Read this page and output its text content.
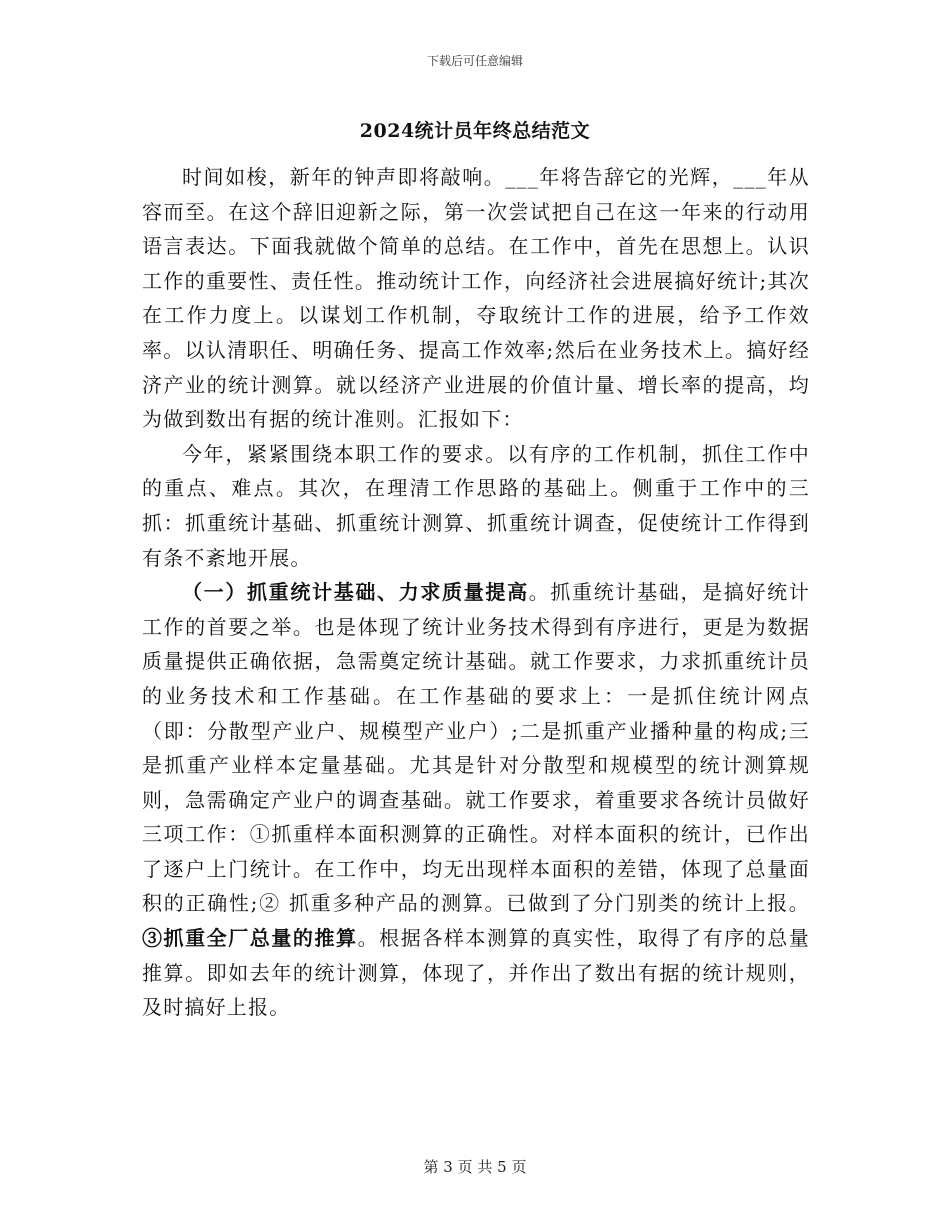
下载后可任意编辑
2024统计员年终总结范文

时间如梭，新年的钟声即将敲响。___年将告辞它的光辉，___年从容而至。在这个辞旧迎新之际，第一次尝试把自己在这一年来的行动用语言表达。下面我就做个简单的总结。在工作中，首先在思想上。认识工作的重要性、责任性。推动统计工作，向经济社会进展搞好统计;其次在工作力度上。以谋划工作机制，夺取统计工作的进展，给予工作效率。以认清职任、明确任务、提高工作效率;然后在业务技术上。搞好经济产业的统计测算。就以经济产业进展的价值计量、增长率的提高，均为做到数出有据的统计准则。汇报如下：

今年，紧紧围绕本职工作的要求。以有序的工作机制，抓住工作中的重点、难点。其次，在理清工作思路的基础上。侧重于工作中的三抓：抓重统计基础、抓重统计测算、抓重统计调查，促使统计工作得到有条不紊地开展。

（一）抓重统计基础、力求质量提高。抓重统计基础，是搞好统计工作的首要之举。也是体现了统计业务技术得到有序进行，更是为数据质量提供正确依据，急需奠定统计基础。就工作要求，力求抓重统计员的业务技术和工作基础。在工作基础的要求上：一是抓住统计网点（即：分散型产业户、规模型产业户）;二是抓重产业播种量的构成;三是抓重产业样本定量基础。尤其是针对分散型和规模型的统计测算规则，急需确定产业户的调查基础。就工作要求，着重要求各统计员做好三项工作：①抓重样本面积测算的正确性。对样本面积的统计，已作出了逐户上门统计。在工作中，均无出现样本面积的差错，体现了总量面积的正确性;② 抓重多种产品的测算。已做到了分门别类的统计上报。③抓重全厂总量的推算。根据各样本测算的真实性，取得了有序的总量推算。即如去年的统计测算，体现了，并作出了数出有据的统计规则，及时搞好上报。

第 3 页 共 5 页
